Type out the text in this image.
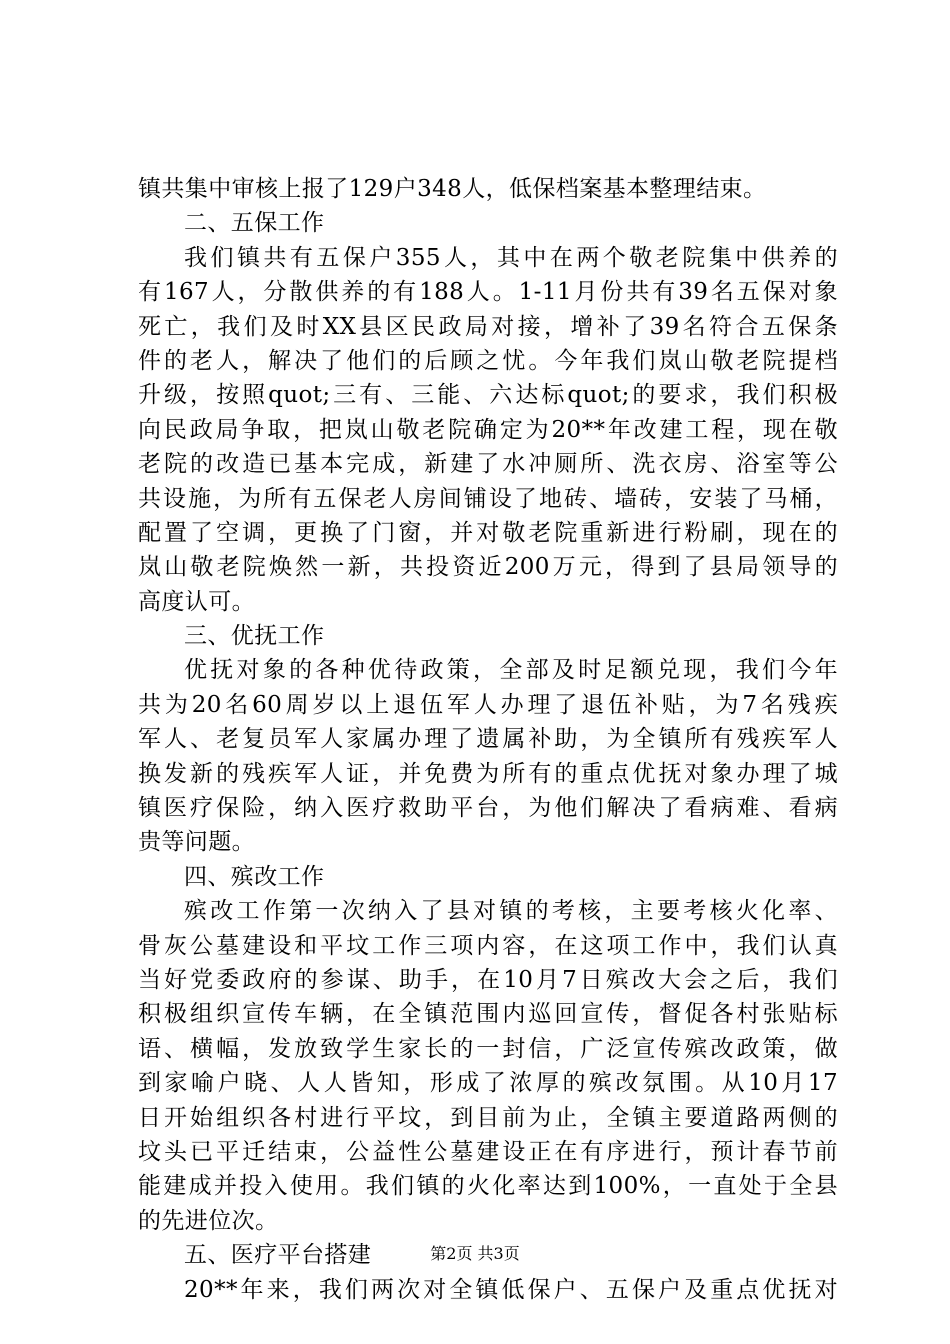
镇共集中审核上报了129户348人，低保档案基本整理结束。
二、五保工作
我们镇共有五保户355人，其中在两个敬老院集中供养的
有167人，分散供养的有188人。1-11月份共有39名五保对象
死亡，我们及时XX县区民政局对接，增补了39名符合五保条
件的老人，解决了他们的后顾之忧。今年我们岚山敬老院提档
升级，按照quot;三有、三能、六达标quot;的要求，我们积极
向民政局争取，把岚山敬老院确定为20**年改建工程，现在敬
老院的改造已基本完成，新建了水冲厕所、洗衣房、浴室等公
共设施，为所有五保老人房间铺设了地砖、墙砖，安装了马桶，
配置了空调，更换了门窗，并对敬老院重新进行粉刷，现在的
岚山敬老院焕然一新，共投资近200万元，得到了县局领导的
高度认可。
三、优抚工作
优抚对象的各种优待政策，全部及时足额兑现，我们今年
共为20名60周岁以上退伍军人办理了退伍补贴，为7名残疾
军人、老复员军人家属办理了遗属补助，为全镇所有残疾军人
换发新的残疾军人证，并免费为所有的重点优抚对象办理了城
镇医疗保险，纳入医疗救助平台，为他们解决了看病难、看病
贵等问题。
四、殡改工作
殡改工作第一次纳入了县对镇的考核，主要考核火化率、
骨灰公墓建设和平坟工作三项内容，在这项工作中，我们认真
当好党委政府的参谋、助手，在10月7日殡改大会之后，我们
积极组织宣传车辆，在全镇范围内巡回宣传，督促各村张贴标
语、横幅，发放致学生家长的一封信，广泛宣传殡改政策，做
到家喻户晓、人人皆知，形成了浓厚的殡改氛围。从10月17
日开始组织各村进行平坟，到目前为止，全镇主要道路两侧的
坟头已平迁结束，公益性公墓建设正在有序进行，预计春节前
能建成并投入使用。我们镇的火化率达到100%，一直处于全县
的先进位次。
五、医疗平台搭建
20**年来，我们两次对全镇低保户、五保户及重点优抚对
第2页 共3页
